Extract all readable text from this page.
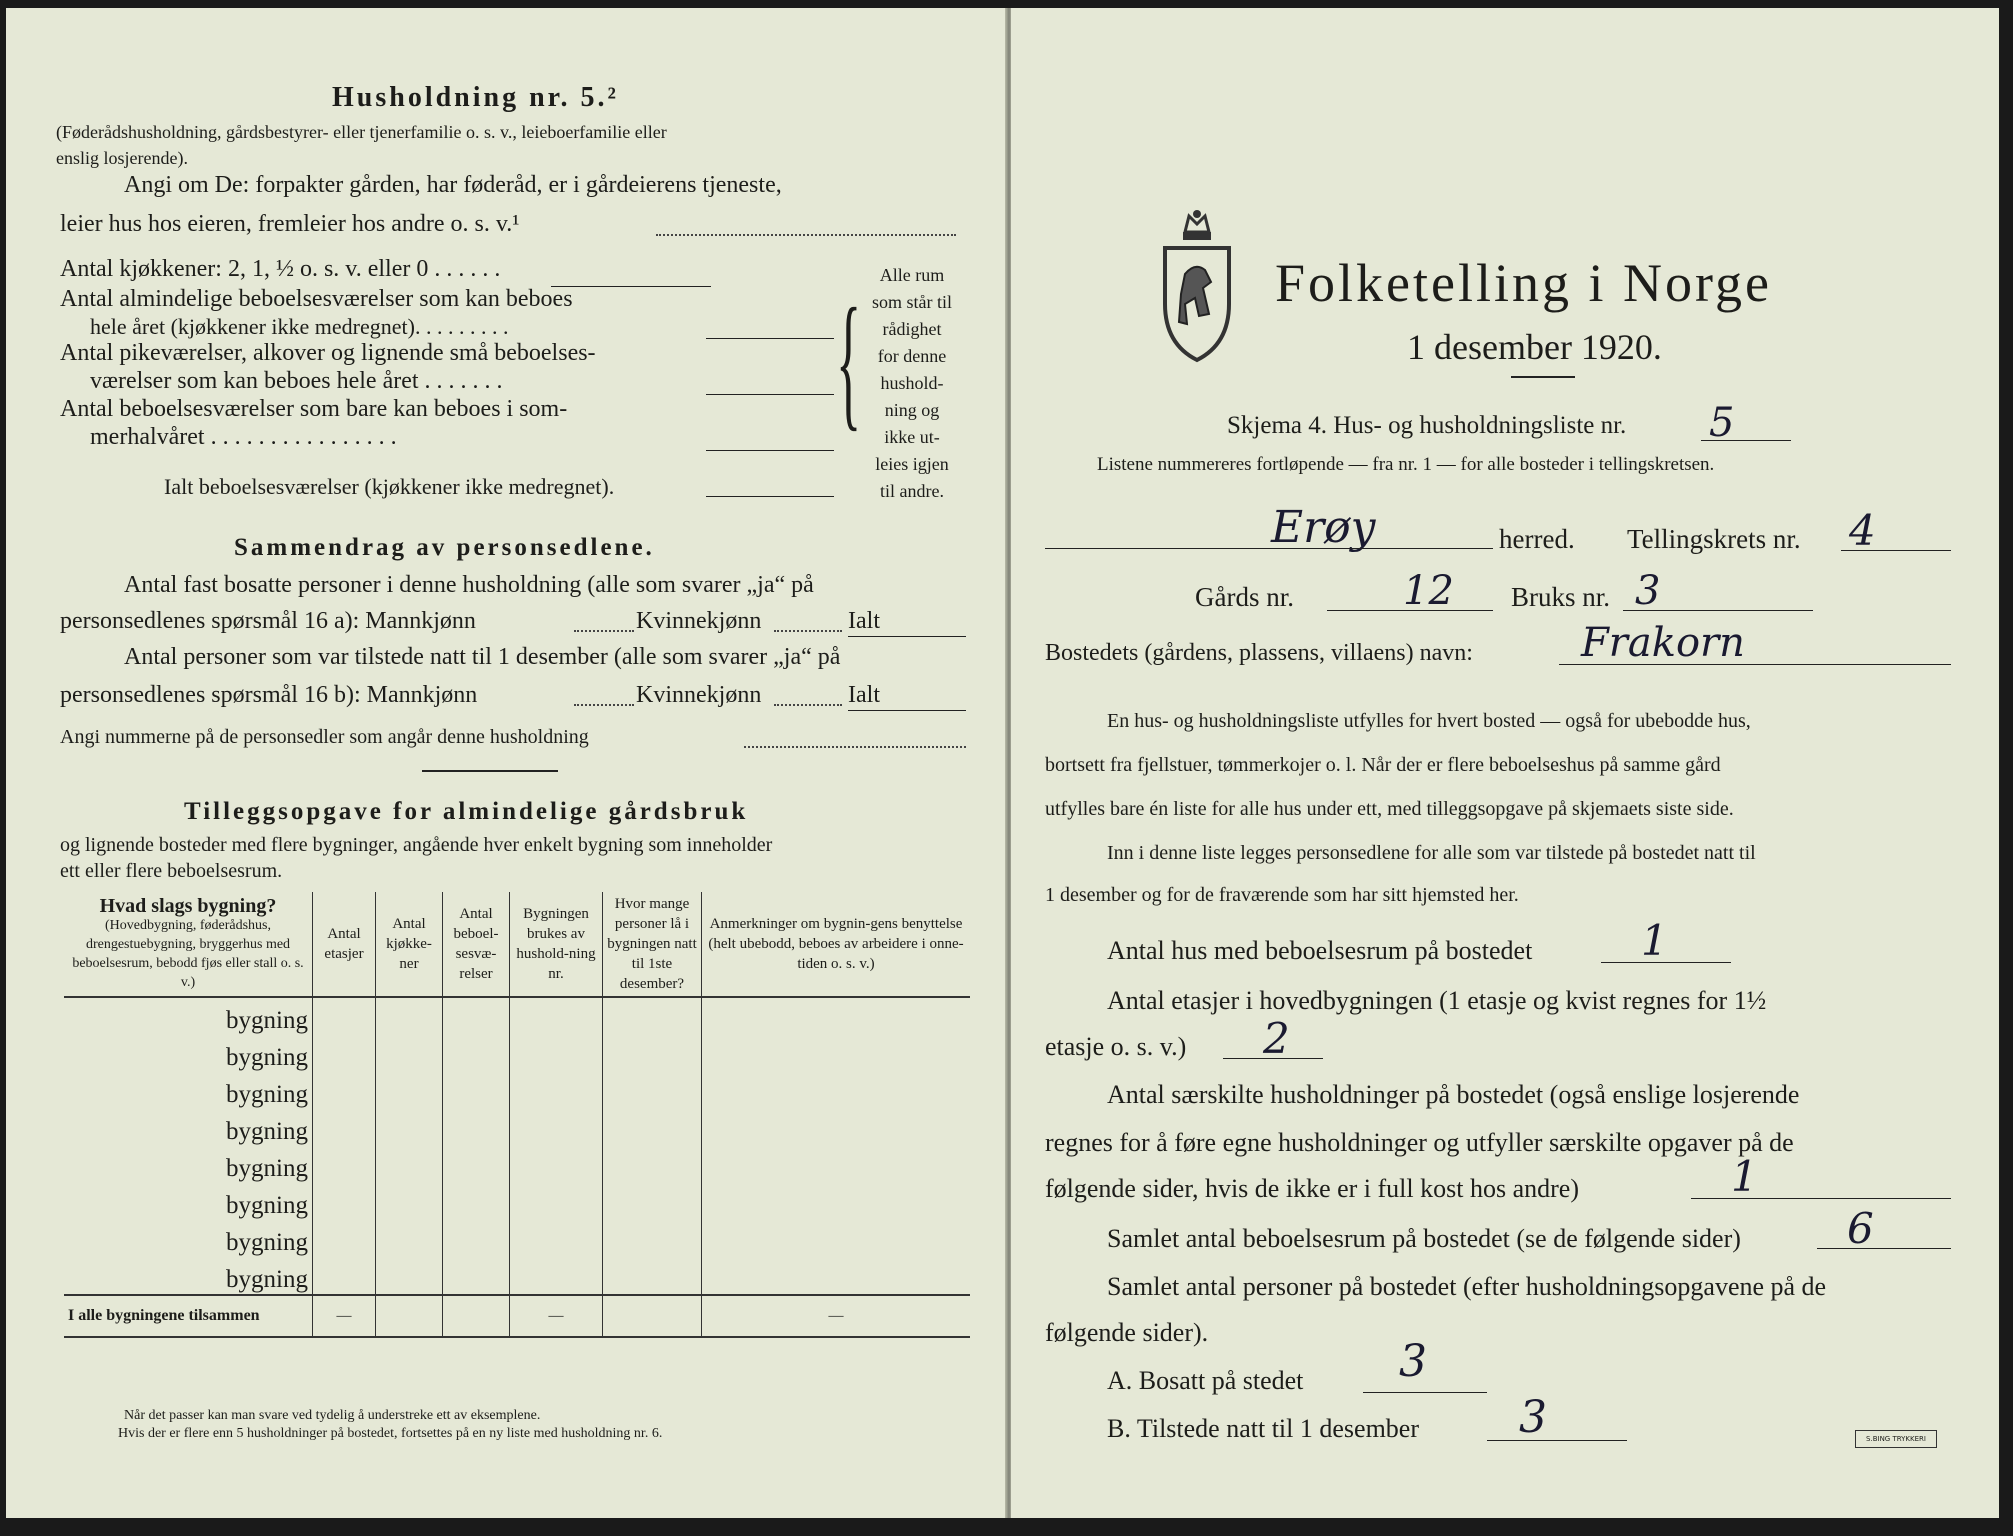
Husholdning nr. 5.²
(Føderådshusholdning, gårdsbestyrer- eller tjenerfamilie o. s. v., leieboerfamilie eller
enslig losjerende).
Angi om De: forpakter gården, har føderåd, er i gårdeierens tjeneste,
leier hus hos eieren, fremleier hos andre o. s. v.¹
Antal kjøkkener: 2, 1, ½ o. s. v. eller 0 . . . . . .
Antal almindelige beboelsesværelser som kan beboes
hele året (kjøkkener ikke medregnet). . . . . . . . .
Antal pikeværelser, alkover og lignende små beboelses-
værelser som kan beboes hele året . . . . . . .
Antal beboelsesværelser som bare kan beboes i som-
merhalvåret . . . . . . . . . . . . . . . .	{
Alle rum
som står til
rådighet
for denne
hushold-
ning og
ikke ut-
leies igjen
til andre.
Ialt beboelsesværelser (kjøkkener ikke medregnet).
Sammendrag av personsedlene.
Antal fast bosatte personer i denne husholdning (alle som svarer „ja“ på
personsedlenes spørsmål 16 a): Mannkjønn	Kvinnekjønn	Ialt
Antal personer som var tilstede natt til 1 desember (alle som svarer „ja“ på
personsedlenes spørsmål 16 b): Mannkjønn	Kvinnekjønn	Ialt
Angi nummerne på de personsedler som angår denne husholdning
Tilleggsopgave for almindelige gårdsbruk
og lignende bosteder med flere bygninger, angående hver enkelt bygning som inneholder
ett eller flere beboelsesrum.
Hvad slags bygning?
(Hovedbygning, føderådshus, drengestuebygning, bryggerhus med beboelsesrum, bebodd fjøs eller stall o. s. v.)	Antal etasjer	Antal kjøkke-ner	Antal beboel-sesvæ-relser	Bygningen brukes av hushold-ning nr.	Hvor mange personer lå i bygningen natt til 1ste desember?	Anmerkninger om bygnin-gens benyttelse (helt ubebodd, beboes av arbeidere i onne-tiden o. s. v.)
bygning						
bygning						
bygning						
bygning						
bygning						
bygning						
bygning						
bygning						
I alle bygningene tilsammen	—			—		—
Når det passer kan man svare ved tydelig å understreke ett av eksemplene.
Hvis der er flere enn 5 husholdninger på bostedet, fortsettes på en ny liste med husholdning nr. 6.
Folketelling i Norge
1 desember 1920.
Skjema 4. Hus- og husholdningsliste nr. 5
Listene nummereres fortløpende — fra nr. 1 — for alle bosteder i tellingskretsen.
Erøy	herred. Tellingskrets nr. 4
Gårds nr.	12 Bruks nr. 3
Bostedets (gårdens, plassens, villaens) navn:	Frakorn
En hus- og husholdningsliste utfylles for hvert bosted — også for ubebodde hus,
bortsett fra fjellstuer, tømmerkojer o. l. Når der er flere beboelseshus på samme gård
utfylles bare én liste for alle hus under ett, med tilleggsopgave på skjemaets siste side.
Inn i denne liste legges personsedlene for alle som var tilstede på bostedet natt til
1 desember og for de fraværende som har sitt hjemsted her.
Antal hus med beboelsesrum på bostedet	1
Antal etasjer i hovedbygningen (1 etasje og kvist regnes for 1½
etasje o. s. v.) 2
Antal særskilte husholdninger på bostedet (også enslige losjerende
regnes for å føre egne husholdninger og utfyller særskilte opgaver på de
følgende sider, hvis de ikke er i full kost hos andre)	1
Samlet antal beboelsesrum på bostedet (se de følgende sider)	6
Samlet antal personer på bostedet (efter husholdningsopgavene på de
følgende sider).
A. Bosatt på stedet 3
B. Tilstede natt til 1 desember 3	S.BING TRYKKERI
